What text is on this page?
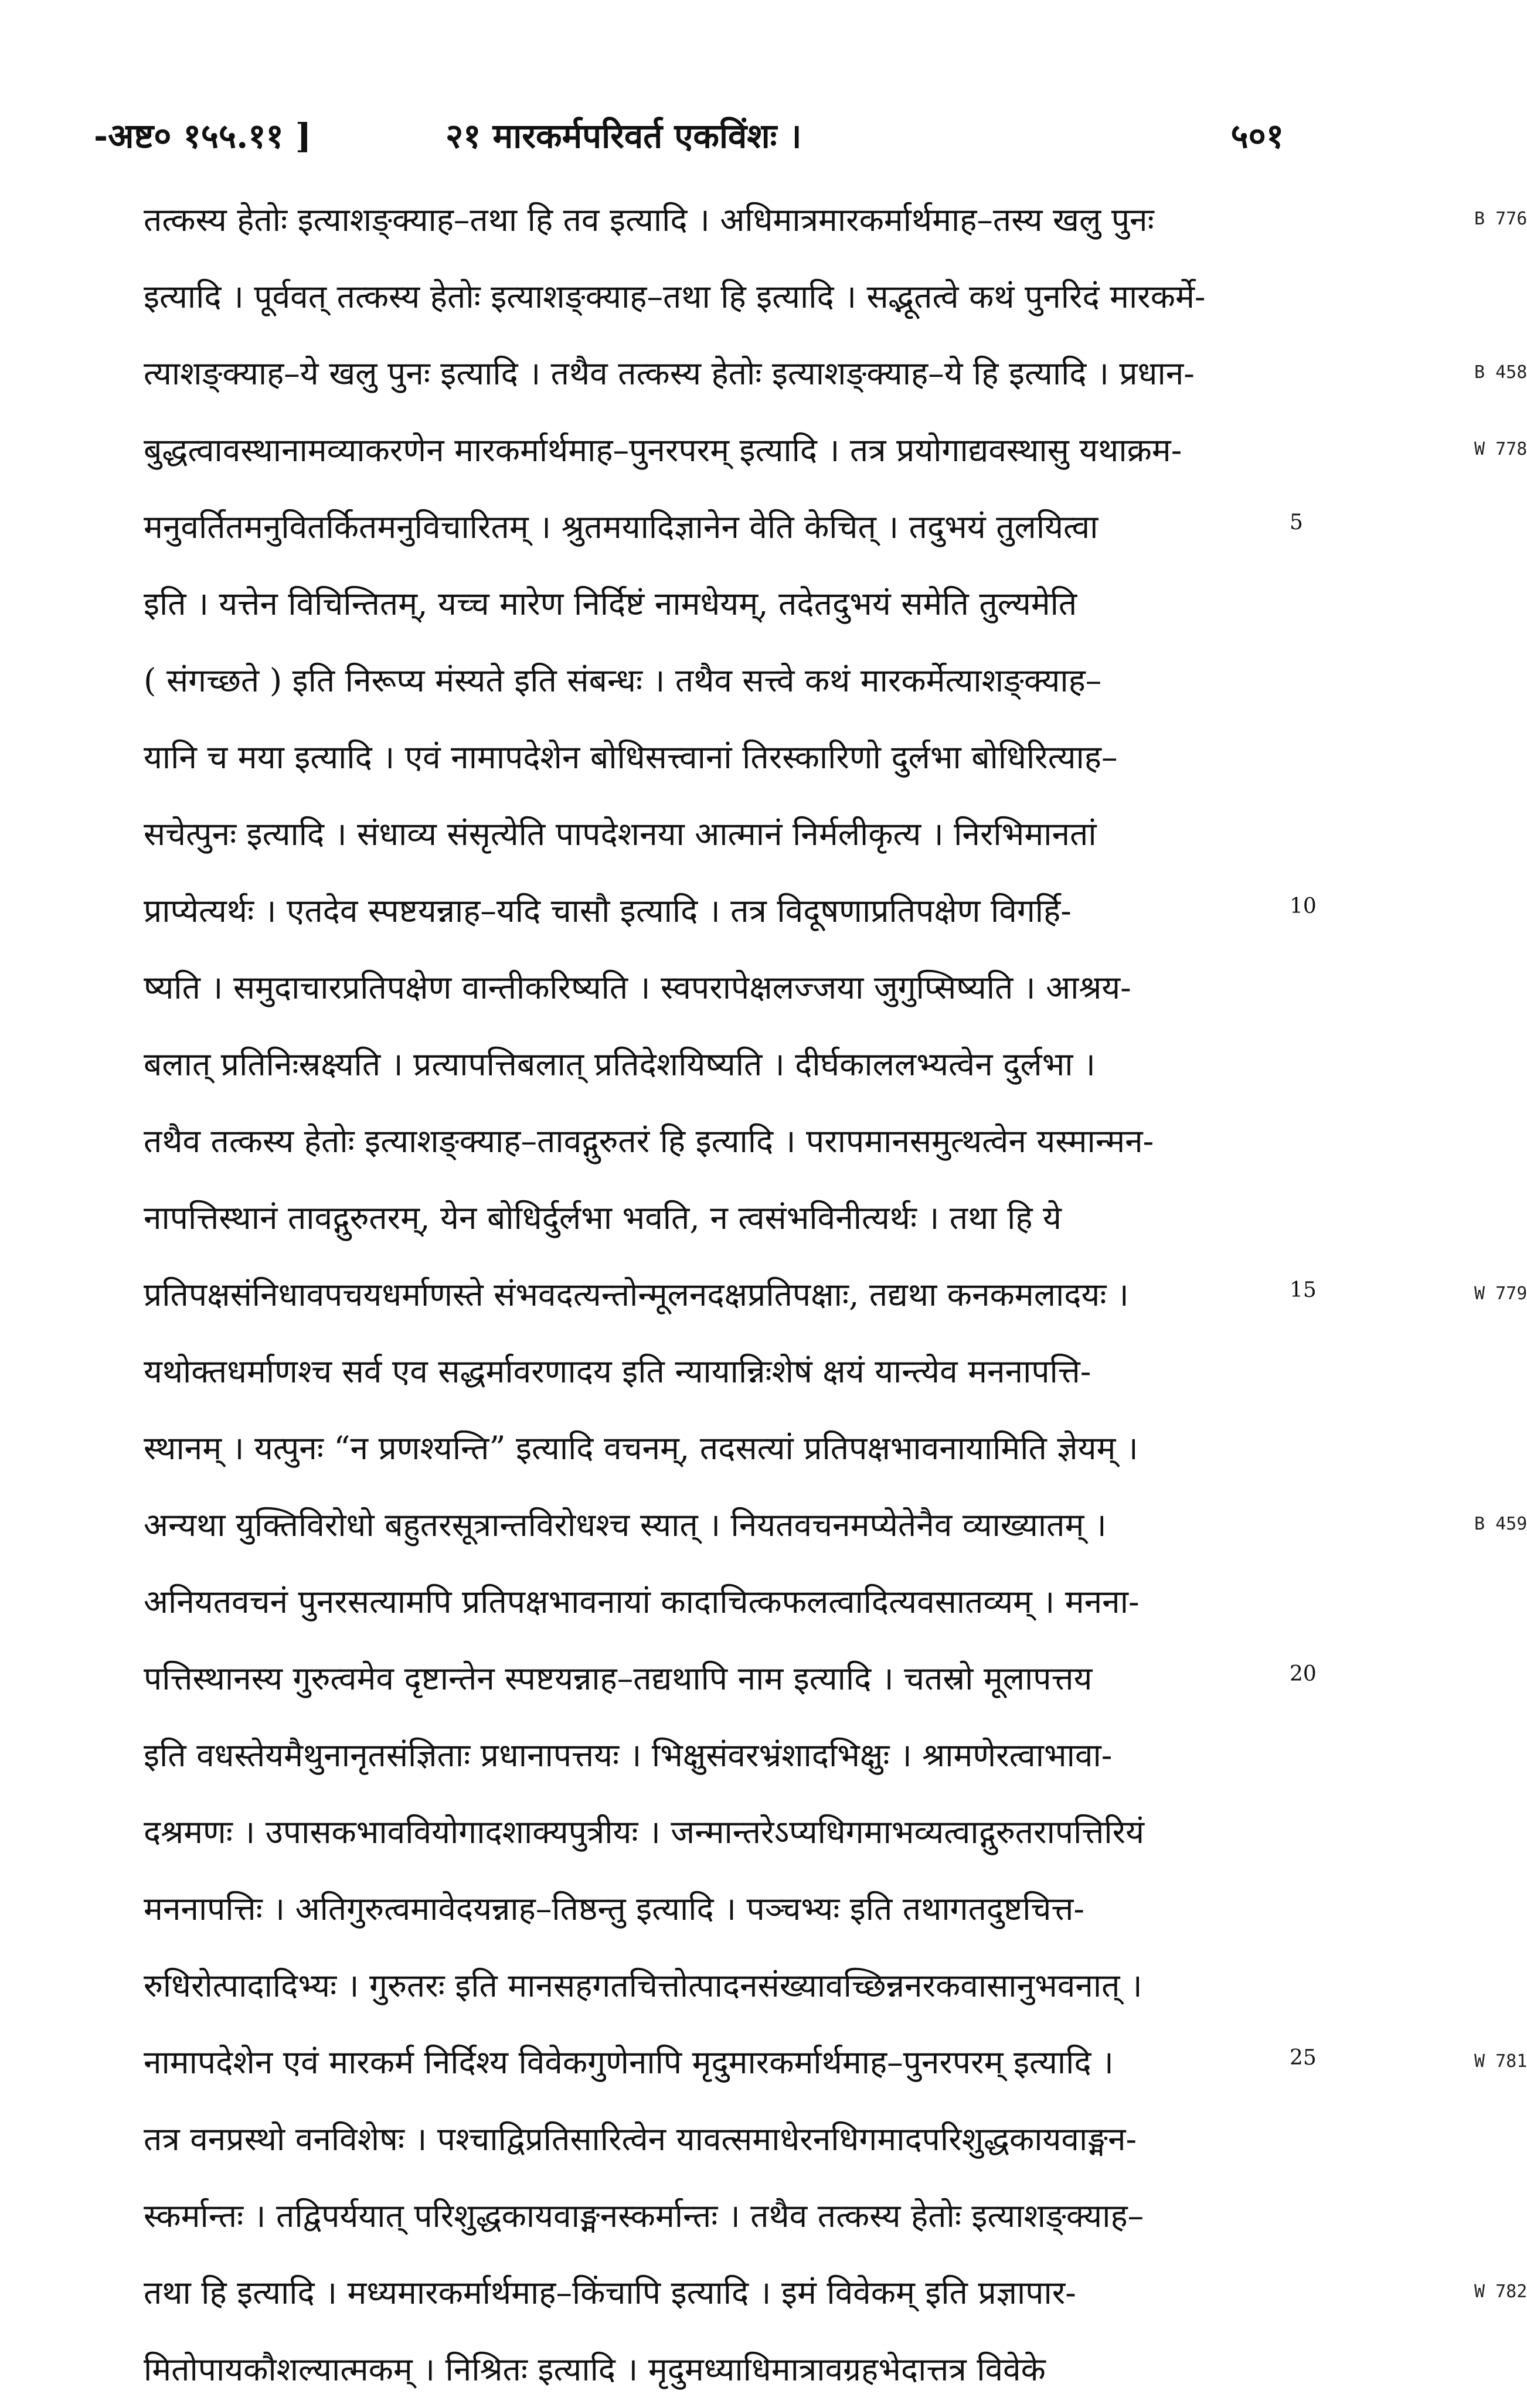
-अष्ट० १५५.११ ]	२१ मारकर्मपरिवर्त एकविंशः ।	५०१
तत्कस्य हेतोः इत्याशङ्क्याह–तथा हि तव इत्यादि । अधिमात्रमारकर्मार्थमाह–तस्य खलु पुनः	B 776
इत्यादि । पूर्ववत् तत्कस्य हेतोः इत्याशङ्क्याह–तथा हि इत्यादि । सद्भूतत्वे कथं पुनरिदं मारकर्मे-
त्याशङ्क्याह–ये खलु पुनः इत्यादि । तथैव तत्कस्य हेतोः इत्याशङ्क्याह–ये हि इत्यादि । प्रधान-	B 458
बुद्धत्वावस्थानामव्याकरणेन मारकर्मार्थमाह–पुनरपरम् इत्यादि । तत्र प्रयोगाद्यवस्थासु यथाक्रम-	W 778
मनुवर्तितमनुवितर्कितमनुविचारितम् । श्रुतमयादिज्ञानेन वेति केचित् । तदुभयं तुलयित्वा	5
इति । यत्तेन विचिन्तितम्, यच्च मारेण निर्दिष्टं नामधेयम्, तदेतदुभयं समेति तुल्यमेति
( संगच्छते ) इति निरूप्य मंस्यते इति संबन्धः । तथैव सत्त्वे कथं मारकर्मेत्याशङ्क्याह–
यानि च मया इत्यादि । एवं नामापदेशेन बोधिसत्त्वानां तिरस्कारिणो दुर्लभा बोधिरित्याह–
सचेत्पुनः इत्यादि । संधाव्य संसृत्येति पापदेशनया आत्मानं निर्मलीकृत्य । निरभिमानतां
प्राप्येत्यर्थः । एतदेव स्पष्टयन्नाह–यदि चासौ इत्यादि । तत्र विदूषणाप्रतिपक्षेण विगर्हि-	10
ष्यति । समुदाचारप्रतिपक्षेण वान्तीकरिष्यति । स्वपरापेक्षलज्जया जुगुप्सिष्यति । आश्रय-
बलात् प्रतिनिःस्रक्ष्यति । प्रत्यापत्तिबलात् प्रतिदेशयिष्यति । दीर्घकाललभ्यत्वेन दुर्लभा ।
तथैव तत्कस्य हेतोः इत्याशङ्क्याह–तावद्गुरुतरं हि इत्यादि । परापमानसमुत्थत्वेन यस्मान्मन-
नापत्तिस्थानं तावद्गुरुतरम्, येन बोधिर्दुर्लभा भवति, न त्वसंभविनीत्यर्थः । तथा हि ये
प्रतिपक्षसंनिधावपचयधर्माणस्ते संभवदत्यन्तोन्मूलनदक्षप्रतिपक्षाः, तद्यथा कनकमलादयः ।	15	W 779
यथोक्तधर्माणश्च सर्व एव सद्धर्मावरणादय इति न्यायान्निःशेषं क्षयं यान्त्येव मननापत्ति-
स्थानम् । यत्पुनः “न प्रणश्यन्ति” इत्यादि वचनम्, तदसत्यां प्रतिपक्षभावनायामिति ज्ञेयम् ।
अन्यथा युक्तिविरोधो बहुतरसूत्रान्तविरोधश्च स्यात् । नियतवचनमप्येतेनैव व्याख्यातम् ।	B 459
अनियतवचनं पुनरसत्यामपि प्रतिपक्षभावनायां कादाचित्कफलत्वादित्यवसातव्यम् । मनना-
पत्तिस्थानस्य गुरुत्वमेव दृष्टान्तेन स्पष्टयन्नाह–तद्यथापि नाम इत्यादि । चतस्रो मूलापत्तय	20
इति वधस्तेयमैथुनानृतसंज्ञिताः प्रधानापत्तयः । भिक्षुसंवरभ्रंशादभिक्षुः । श्रामणेरत्वाभावा-
दश्रमणः । उपासकभाववियोगादशाक्यपुत्रीयः । जन्मान्तरेऽप्यधिगमाभव्यत्वाद्गुरुतरापत्तिरियं
मननापत्तिः । अतिगुरुत्वमावेदयन्नाह–तिष्ठन्तु इत्यादि । पञ्चभ्यः इति तथागतदुष्टचित्त-
रुधिरोत्पादादिभ्यः । गुरुतरः इति मानसहगतचित्तोत्पादनसंख्यावच्छिन्ननरकवासानुभवनात् ।
नामापदेशेन एवं मारकर्म निर्दिश्य विवेकगुणेनापि मृदुमारकर्मार्थमाह–पुनरपरम् इत्यादि ।	25	W 781
तत्र वनप्रस्थो वनविशेषः । पश्चाद्विप्रतिसारित्वेन यावत्समाधेरनधिगमादपरिशुद्धकायवाङ्मन-
स्कर्मान्तः । तद्विपर्ययात् परिशुद्धकायवाङ्मनस्कर्मान्तः । तथैव तत्कस्य हेतोः इत्याशङ्क्याह–
तथा हि इत्यादि । मध्यमारकर्मार्थमाह–किंचापि इत्यादि । इमं विवेकम् इति प्रज्ञापार-	W 782
मितोपायकौशल्यात्मकम् । निश्रितः इत्यादि । मृदुमध्याधिमात्रावग्रहभेदात्तत्र विवेके
